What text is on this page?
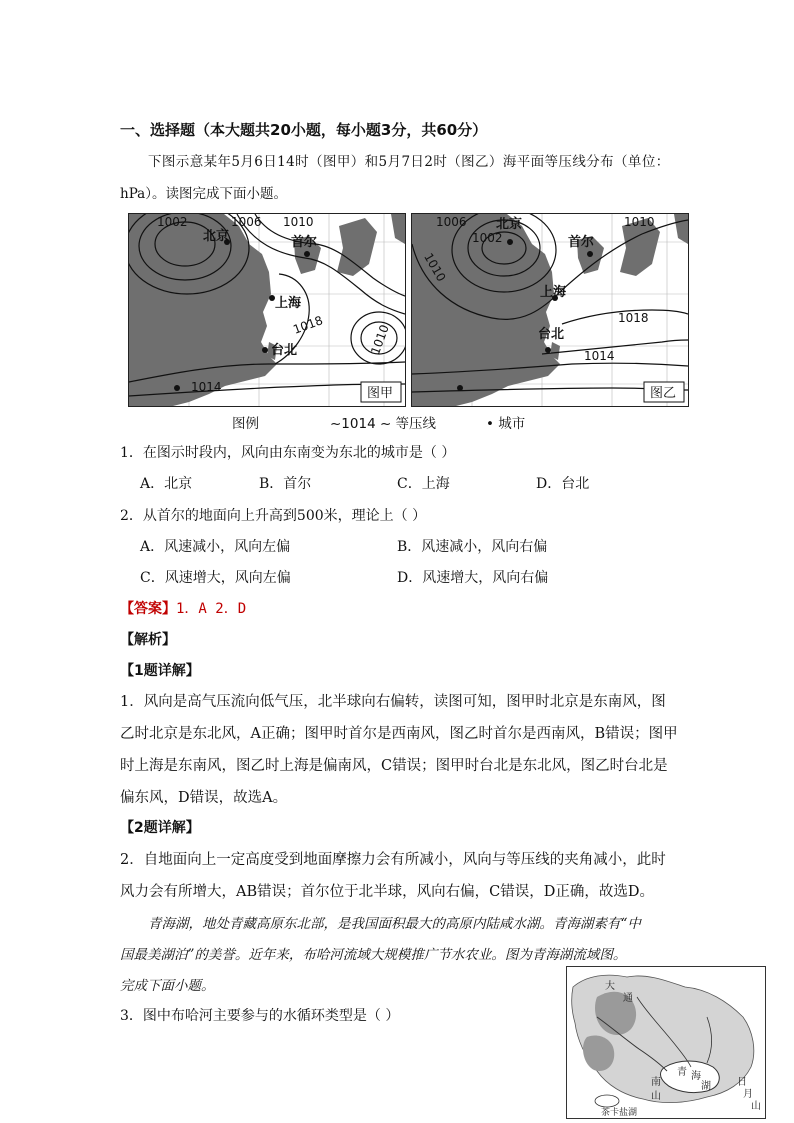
一、选择题（本大题共20小题，每小题3分，共60分）
下图示意某年5月6日14时（图甲）和5月7日2时（图乙）海平面等压线分布（单位：
hPa）。读图完成下面小题。
1002	1006 1010
1018	1010
1014
北京	首尔
上海
台北
图甲
1006
1002
1010
1010
1018
1014
北京
首尔
上海
台北
图乙
图例	~1014 ~ 等压线	• 城市
1．在图示时段内，风向由东南变为东北的城市是（ ）
A．北京	B．首尔	C．上海	D．台北
2．从首尔的地面向上升高到500米，理论上（ ）
A．风速减小，风向左偏	B．风速减小，风向右偏
C．风速增大，风向左偏	D．风速增大，风向右偏
【答案】1．A 2．D
【解析】
【1题详解】
1．风向是高气压流向低气压，北半球向右偏转，读图可知，图甲时北京是东南风，图
乙时北京是东北风，A正确；图甲时首尔是西南风，图乙时首尔是西南风，B错误；图甲
时上海是东南风，图乙时上海是偏南风，C错误；图甲时台北是东北风，图乙时台北是
偏东风，D错误，故选A。
【2题详解】
2．自地面向上一定高度受到地面摩擦力会有所减小，风向与等压线的夹角减小，此时
风力会有所增大，AB错误；首尔位于北半球，风向右偏，C错误，D正确，故选D。
青海湖，地处青藏高原东北部，是我国面积最大的高原内陆咸水湖。青海湖素有“中
国最美湖泊”的美誉。近年来，布哈河流域大规模推广节水农业。图为青海湖流域图。
完成下面小题。
3．图中布哈河主要参与的水循环类型是（ ）
大
通
青 海
湖
南
山
日
月
山
茶卡盐湖
